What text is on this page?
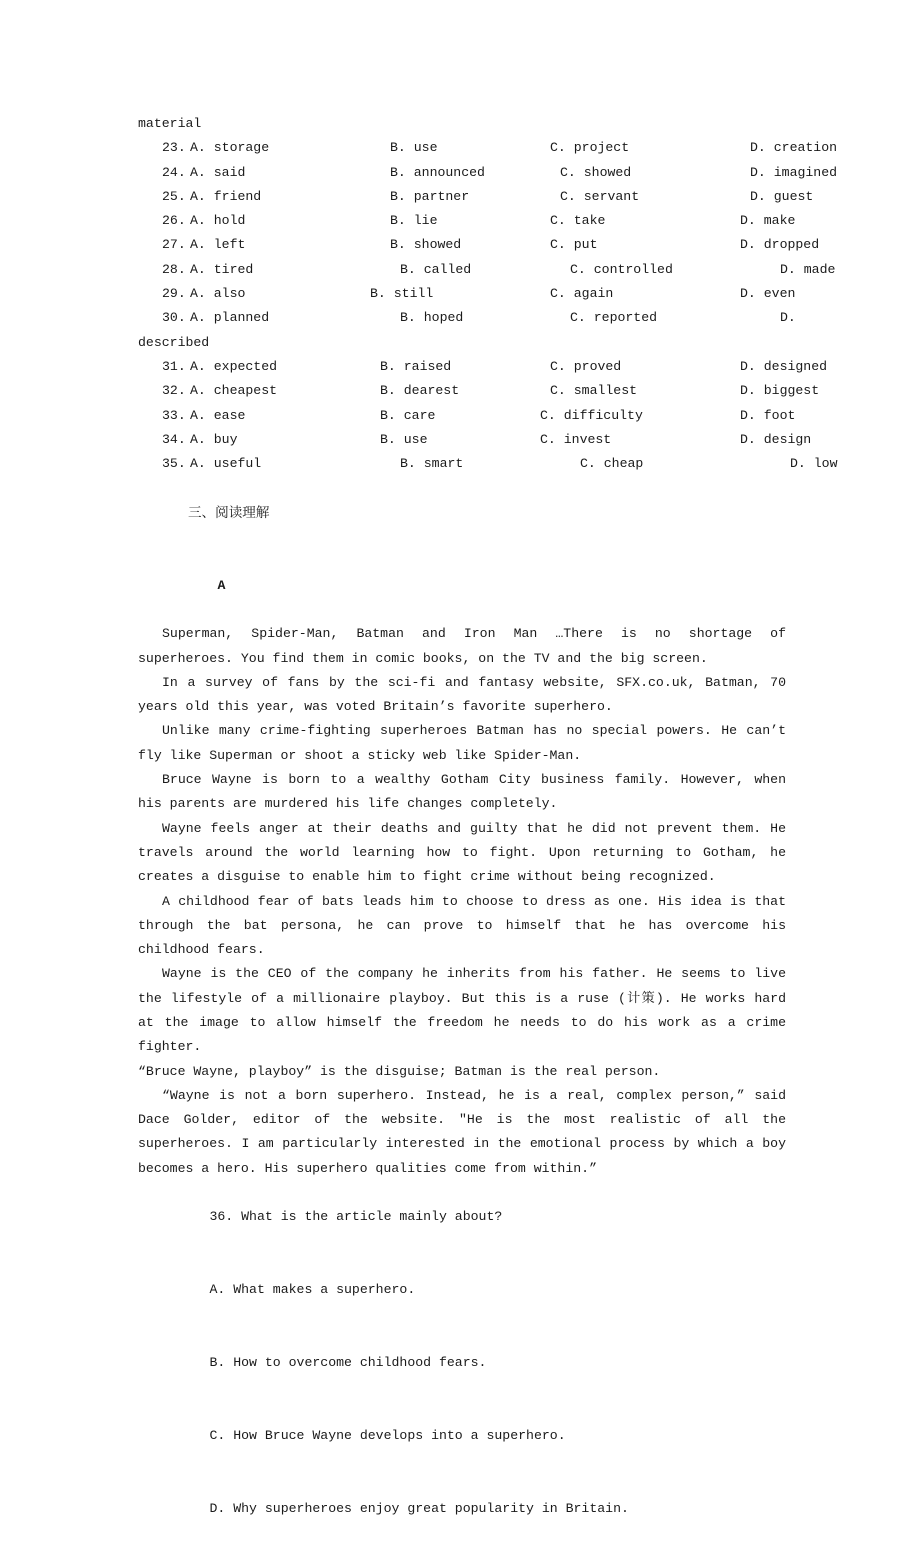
material
23. A. storage	B. use	C. project	D. creation
24. A. said	B. announced	C. showed	D. imagined
25. A. friend	B. partner	C. servant	D. guest
26. A. hold	B. lie	C. take	D. make
27. A. left	B. showed	C. put	D. dropped
28. A. tired	B. called	C. controlled	D. made
29. A. also	B. still	C. again	D. even
30. A. planned	B. hoped	C. reported	D.
described
31. A. expected	B. raised	C. proved	D. designed
32. A. cheapest	B. dearest	C. smallest	D. biggest
33. A. ease	B. care	C. difficulty	D. foot
34. A. buy	B. use	C. invest	D. design
35. A. useful	B. smart	C. cheap	D. low

三、阅读理解

A

Superman, Spider-Man, Batman and Iron Man …There is no shortage of superheroes. You find them in comic books, on the TV and the big screen.

In a survey of fans by the sci-fi and fantasy website, SFX.co.uk, Batman, 70 years old this year, was voted Britain’s favorite superhero.

Unlike many crime-fighting superheroes Batman has no special powers. He can’t fly like Superman or shoot a sticky web like Spider-Man.

Bruce Wayne is born to a wealthy Gotham City business family. However, when his parents are murdered his life changes completely.

Wayne feels anger at their deaths and guilty that he did not prevent them. He travels around the world learning how to fight. Upon returning to Gotham, he creates a disguise to enable him to fight crime without being recognized.

A childhood fear of bats leads him to choose to dress as one. His idea is that through the bat persona, he can prove to himself that he has overcome his childhood fears.

Wayne is the CEO of the company he inherits from his father. He seems to live the lifestyle of a millionaire playboy. But this is a ruse (计策). He works hard at the image to allow himself the freedom he needs to do his work as a crime fighter.

“Bruce Wayne, playboy” is the disguise; Batman is the real person.

“Wayne is not a born superhero. Instead, he is a real, complex person,” said Dace Golder, editor of the website. "He is the most realistic of all the superheroes. I am particularly interested in the emotional process by which a boy becomes a hero. His superhero qualities come from within.”

36. What is the article mainly about?

A. What makes a superhero.

B. How to overcome childhood fears.

C. How Bruce Wayne develops into a superhero.

D. Why superheroes enjoy great popularity in Britain.
